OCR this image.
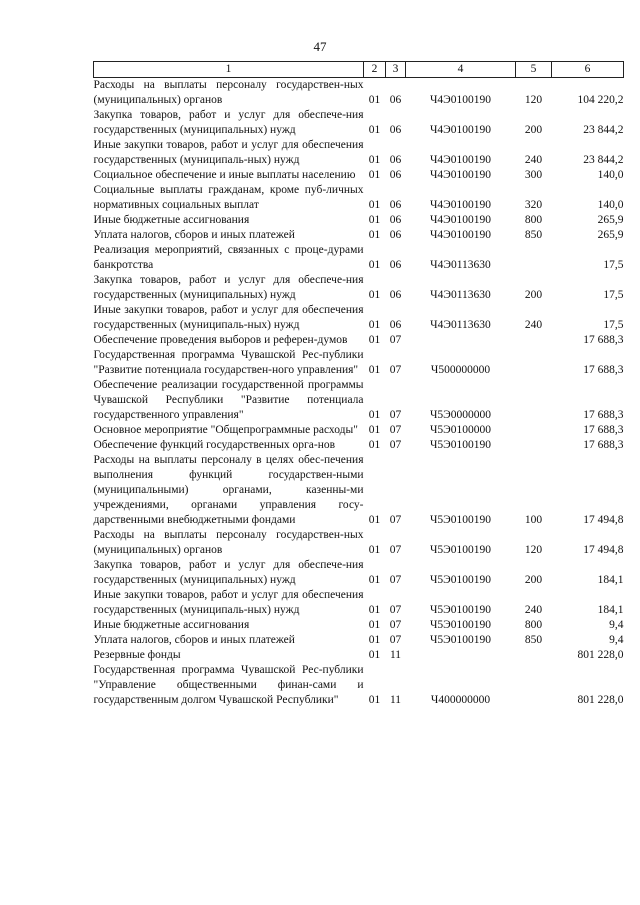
47
1	2	3	4	5	6
Расходы на выплаты персоналу государствен-ных (муниципальных) органов	01	06	Ч4Э0100190	120	104 220,2
Закупка товаров, работ и услуг для обеспече-ния государственных (муниципальных) нужд	01	06	Ч4Э0100190	200	23 844,2
Иные закупки товаров, работ и услуг для обеспечения государственных (муниципаль-ных) нужд	01	06	Ч4Э0100190	240	23 844,2
Социальное обеспечение и иные выплаты населению	01	06	Ч4Э0100190	300	140,0
Социальные выплаты гражданам, кроме пуб-личных нормативных социальных выплат	01	06	Ч4Э0100190	320	140,0
Иные бюджетные ассигнования	01	06	Ч4Э0100190	800	265,9
Уплата налогов, сборов и иных платежей	01	06	Ч4Э0100190	850	265,9
Реализация мероприятий, связанных с проце-дурами банкротства	01	06	Ч4Э0113630		17,5
Закупка товаров, работ и услуг для обеспече-ния государственных (муниципальных) нужд	01	06	Ч4Э0113630	200	17,5
Иные закупки товаров, работ и услуг для обеспечения государственных (муниципаль-ных) нужд	01	06	Ч4Э0113630	240	17,5
Обеспечение проведения выборов и референ-думов	01	07			17 688,3
Государственная программа Чувашской Рес-публики "Развитие потенциала государствен-ного управления"	01	07	Ч500000000		17 688,3
Обеспечение реализации государственной программы Чувашской Республики "Развитие потенциала государственного управления"	01	07	Ч5Э0000000		17 688,3
Основное мероприятие "Общепрограммные расходы"	01	07	Ч5Э0100000		17 688,3
Обеспечение функций государственных орга-нов	01	07	Ч5Э0100190		17 688,3
Расходы на выплаты персоналу в целях обес-печения выполнения функций государствен-ными (муниципальными) органами, казенны-ми учреждениями, органами управления госу-дарственными внебюджетными фондами	01	07	Ч5Э0100190	100	17 494,8
Расходы на выплаты персоналу государствен-ных (муниципальных) органов	01	07	Ч5Э0100190	120	17 494,8
Закупка товаров, работ и услуг для обеспече-ния государственных (муниципальных) нужд	01	07	Ч5Э0100190	200	184,1
Иные закупки товаров, работ и услуг для обеспечения государственных (муниципаль-ных) нужд	01	07	Ч5Э0100190	240	184,1
Иные бюджетные ассигнования	01	07	Ч5Э0100190	800	9,4
Уплата налогов, сборов и иных платежей	01	07	Ч5Э0100190	850	9,4
Резервные фонды	01	11			801 228,0
Государственная программа Чувашской Рес-публики "Управление общественными финан-сами и государственным долгом Чувашской Республики"	01	11	Ч400000000		801 228,0
